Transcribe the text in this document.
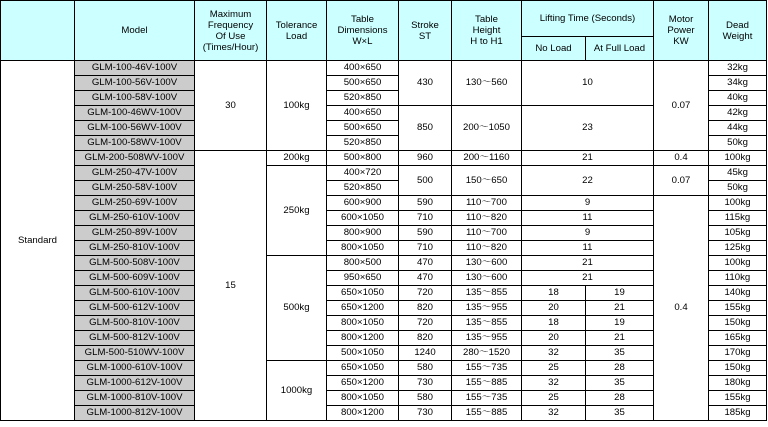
	Model	Maximum
Frequency
Of Use
(Times/Hour)	Tolerance
Load	Table
Dimensions
W×L	Stroke
ST	Table
Height
H to H1	Lifting Time (Seconds)		Motor
Power
KW	Dead
Weight

							No Load	At Full Load		
Standard	GLM-100-46V-100V	30	100kg	400×650	430	130～560	10		0.07	32kg
	GLM-100-56V-100V			500×650						34kg
	GLM-100-58V-100V			520×850						40kg
	GLM-100-46WV-100V			400×650	850	200～1050	23			42kg
	GLM-100-56WV-100V			500×650						44kg
	GLM-100-58WV-100V			520×850						50kg
	GLM-200-508WV-100V	15	200kg	500×800	960	200～1160	21		0.4	100kg
	GLM-250-47V-100V		250kg	400×720	500	150～650	22		0.07	45kg
	GLM-250-58V-100V			520×850						50kg
	GLM-250-69V-100V			600×900	590	110～700	9		0.4	100kg
	GLM-250-610V-100V			600×1050	710	110～820	11			115kg
	GLM-250-89V-100V			800×900	590	110～700	9			105kg
	GLM-250-810V-100V			800×1050	710	110～820	11			125kg
	GLM-500-508V-100V		500kg	800×500	470	130～600	21			100kg
	GLM-500-609V-100V			950×650	470	130～600	21			110kg
	GLM-500-610V-100V			650×1050	720	135～855	18	19		140kg
	GLM-500-612V-100V			650×1200	820	135～955	20	21		155kg
	GLM-500-810V-100V			800×1050	720	135～855	18	19		150kg
	GLM-500-812V-100V			800×1200	820	135～955	20	21		165kg
	GLM-500-510WV-100V			500×1050	1240	280～1520	32	35		170kg
	GLM-1000-610V-100V		1000kg	650×1050	580	155～735	25	28		150kg
	GLM-1000-612V-100V			650×1200	730	155～885	32	35		180kg
	GLM-1000-810V-100V			800×1050	580	155～735	25	28		155kg
	GLM-1000-812V-100V			800×1200	730	155～885	32	35		185kg
